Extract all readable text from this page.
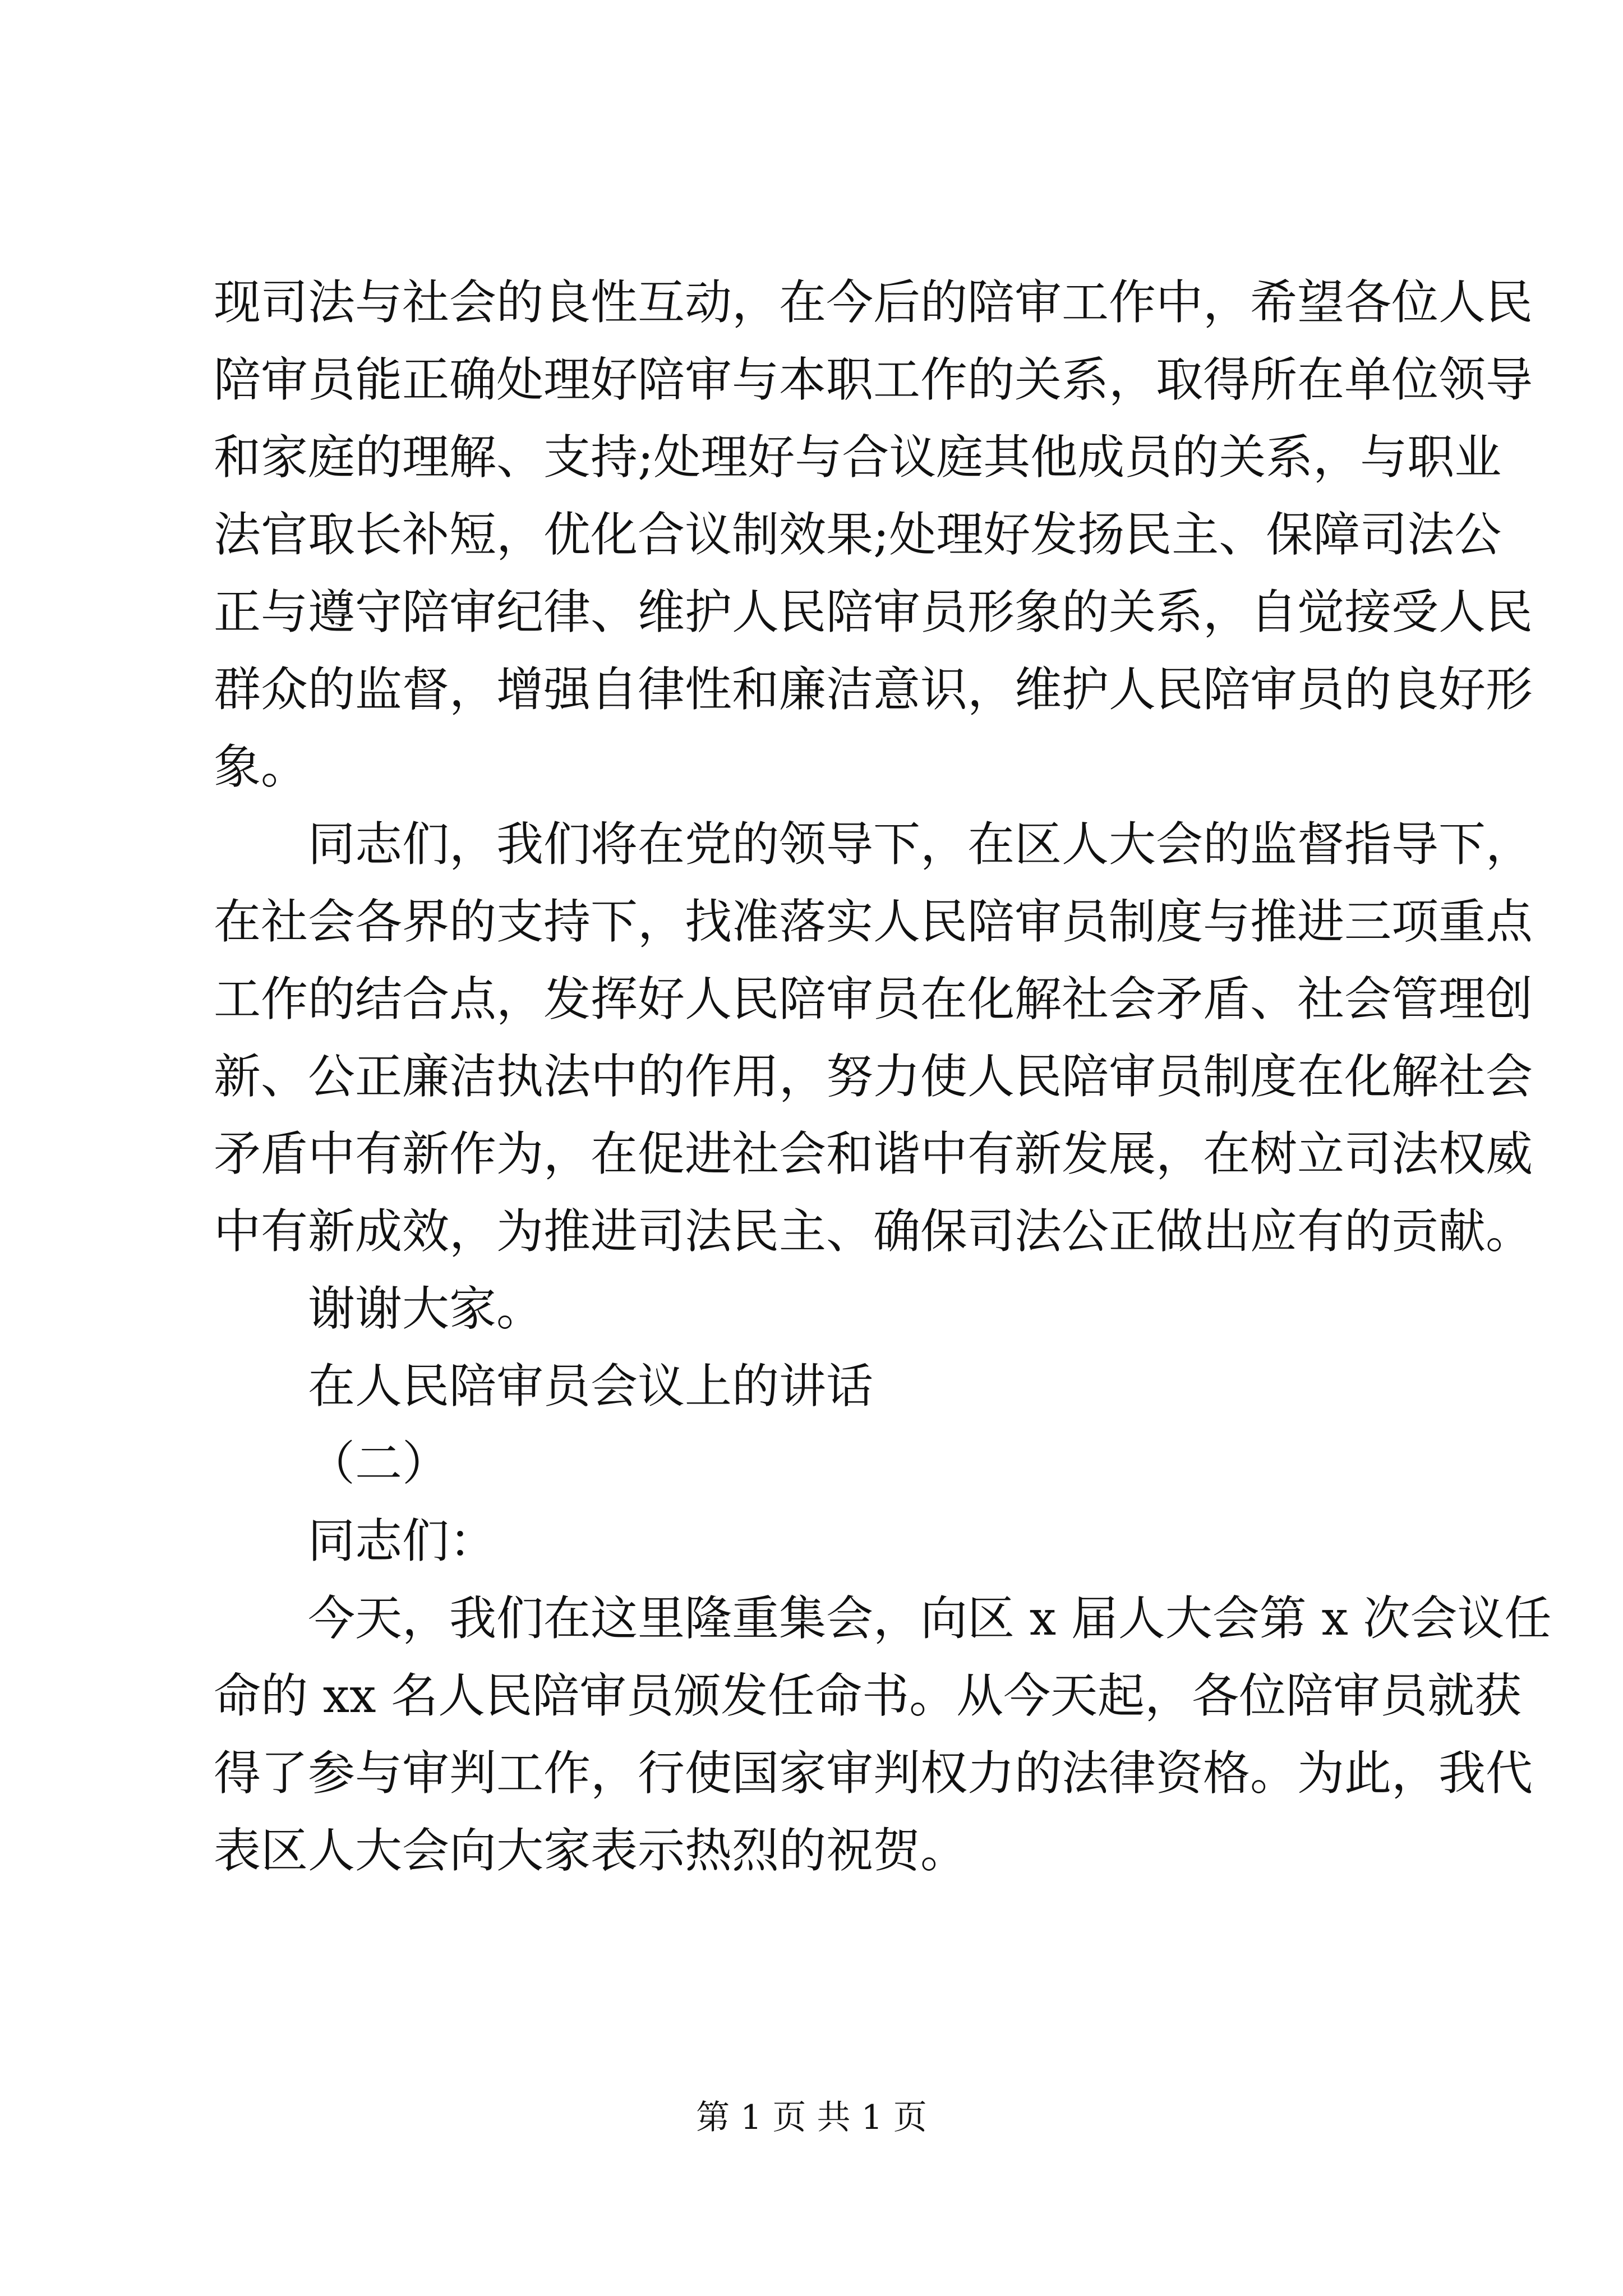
现司法与社会的良性互动，在今后的陪审工作中，希望各位人民
陪审员能正确处理好陪审与本职工作的关系，取得所在单位领导
和家庭的理解、支持;处理好与合议庭其他成员的关系，与职业
法官取长补短，优化合议制效果;处理好发扬民主、保障司法公
正与遵守陪审纪律、维护人民陪审员形象的关系，自觉接受人民
群众的监督，增强自律性和廉洁意识，维护人民陪审员的良好形
象。
同志们，我们将在党的领导下，在区人大会的监督指导下，
在社会各界的支持下，找准落实人民陪审员制度与推进三项重点
工作的结合点，发挥好人民陪审员在化解社会矛盾、社会管理创
新、公正廉洁执法中的作用，努力使人民陪审员制度在化解社会
矛盾中有新作为，在促进社会和谐中有新发展，在树立司法权威
中有新成效，为推进司法民主、确保司法公正做出应有的贡献。
谢谢大家。
在人民陪审员会议上的讲话
（二）
同志们：
今天，我们在这里隆重集会，向区 x 届人大会第 x 次会议任
命的 xx 名人民陪审员颁发任命书。从今天起，各位陪审员就获
得了参与审判工作，行使国家审判权力的法律资格。为此，我代
表区人大会向大家表示热烈的祝贺。
第 1 页 共 1 页
